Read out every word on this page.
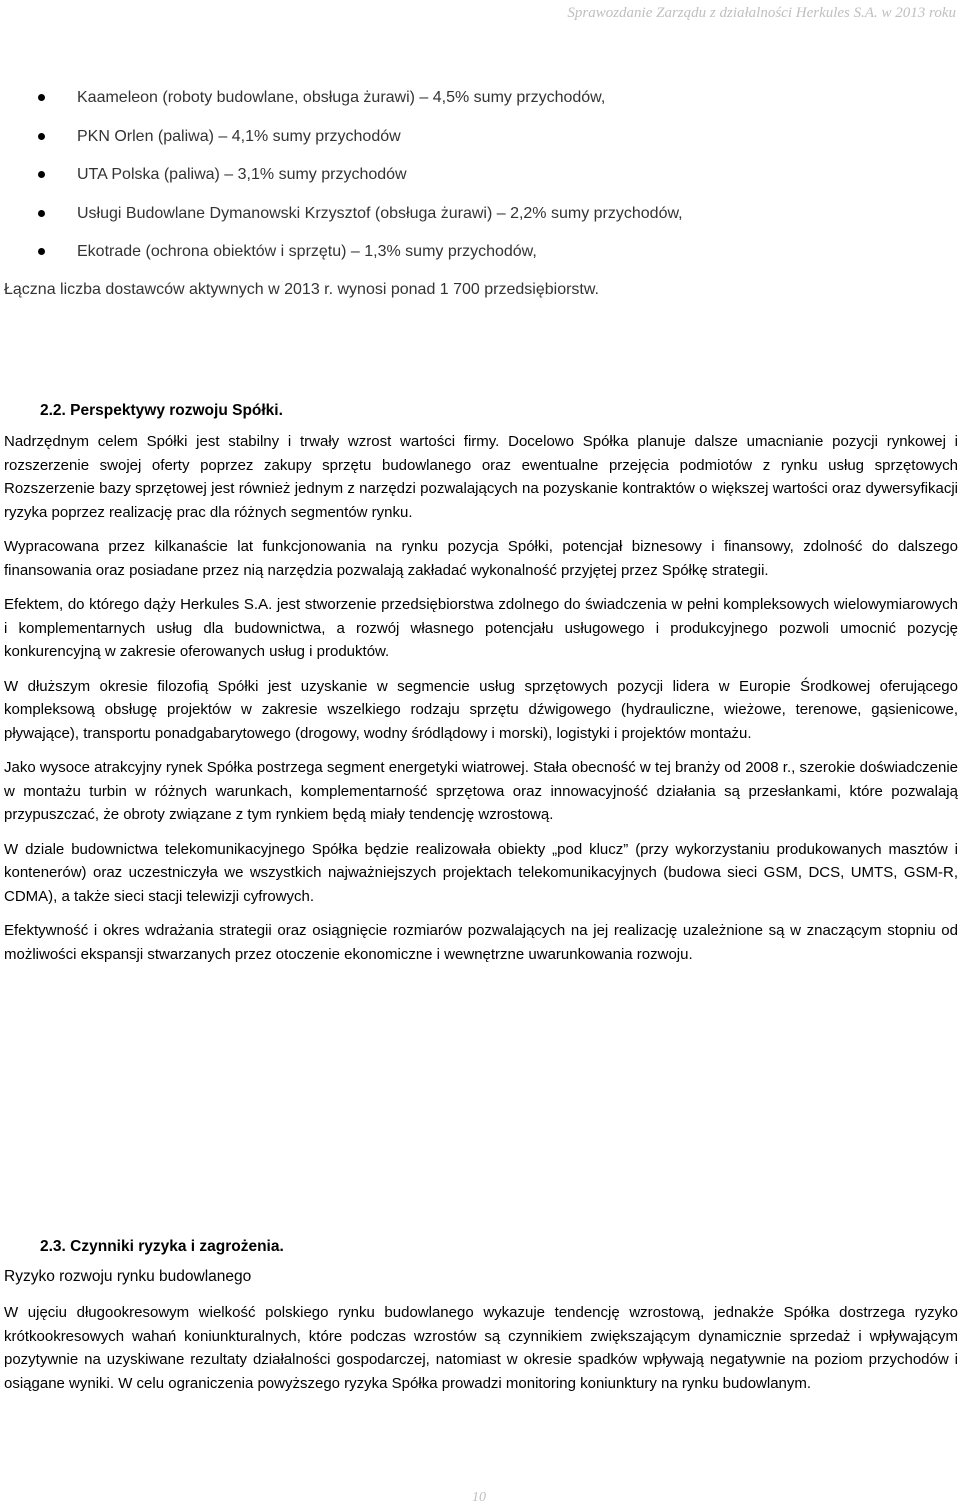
Sprawozdanie Zarządu z działalności Herkules S.A. w 2013 roku
Kaameleon (roboty budowlane, obsługa żurawi) – 4,5% sumy przychodów,
PKN Orlen (paliwa) – 4,1% sumy przychodów
UTA Polska (paliwa) – 3,1% sumy przychodów
Usługi Budowlane Dymanowski Krzysztof (obsługa żurawi) – 2,2% sumy przychodów,
Ekotrade (ochrona obiektów i sprzętu) – 1,3% sumy przychodów,
Łączna liczba dostawców aktywnych w 2013 r. wynosi ponad 1 700 przedsiębiorstw.
2.2. Perspektywy rozwoju Spółki.

Nadrzędnym celem Spółki jest stabilny i trwały wzrost wartości firmy. Docelowo Spółka planuje dalsze umacnianie pozycji rynkowej i rozszerzenie swojej oferty poprzez zakupy sprzętu budowlanego oraz ewentualne przejęcia podmiotów z rynku usług sprzętowych Rozszerzenie bazy sprzętowej jest również jednym z narzędzi pozwalających na pozyskanie kontraktów o większej wartości oraz dywersyfikacji ryzyka poprzez realizację prac dla różnych segmentów rynku.

Wypracowana przez kilkanaście lat funkcjonowania na rynku pozycja Spółki, potencjał biznesowy i finansowy, zdolność do dalszego finansowania oraz posiadane przez nią narzędzia pozwalają zakładać wykonalność przyjętej przez Spółkę strategii.

Efektem, do którego dąży Herkules S.A. jest stworzenie przedsiębiorstwa zdolnego do świadczenia w pełni kompleksowych wielowymiarowych i komplementarnych usług dla budownictwa, a rozwój własnego potencjału usługowego i produkcyjnego pozwoli umocnić pozycję konkurencyjną w zakresie oferowanych usług i produktów.

W dłuższym okresie filozofią Spółki jest uzyskanie w segmencie usług sprzętowych pozycji lidera w Europie Środkowej oferującego kompleksową obsługę projektów w zakresie wszelkiego rodzaju sprzętu dźwigowego (hydrauliczne, wieżowe, terenowe, gąsienicowe, pływające), transportu ponadgabarytowego (drogowy, wodny śródlądowy i morski), logistyki i projektów montażu.

Jako wysoce atrakcyjny rynek Spółka postrzega segment energetyki wiatrowej. Stała obecność w tej branży od 2008 r., szerokie doświadczenie w montażu turbin w różnych warunkach, komplementarność sprzętowa oraz innowacyjność działania są przesłankami, które pozwalają przypuszczać, że obroty związane z tym rynkiem będą miały tendencję wzrostową.

W dziale budownictwa telekomunikacyjnego Spółka będzie realizowała obiekty „pod klucz” (przy wykorzystaniu produkowanych masztów i kontenerów) oraz uczestniczyła we wszystkich najważniejszych projektach telekomunikacyjnych (budowa sieci GSM, DCS, UMTS, GSM-R, CDMA), a także sieci stacji telewizji cyfrowych.

Efektywność i okres wdrażania strategii oraz osiągnięcie rozmiarów pozwalających na jej realizację uzależnione są w znaczącym stopniu od możliwości ekspansji stwarzanych przez otoczenie ekonomiczne i wewnętrzne uwarunkowania rozwoju.

2.3. Czynniki ryzyka i zagrożenia.
Ryzyko rozwoju rynku budowlanego

W ujęciu długookresowym wielkość polskiego rynku budowlanego wykazuje tendencję wzrostową, jednakże Spółka dostrzega ryzyko krótkookresowych wahań koniunkturalnych, które podczas wzrostów są czynnikiem zwiększającym dynamicznie sprzedaż i wpływającym pozytywnie na uzyskiwane rezultaty działalności gospodarczej, natomiast w okresie spadków wpływają negatywnie na poziom przychodów i osiągane wyniki. W celu ograniczenia powyższego ryzyka Spółka prowadzi monitoring koniunktury na rynku budowlanym.

10
